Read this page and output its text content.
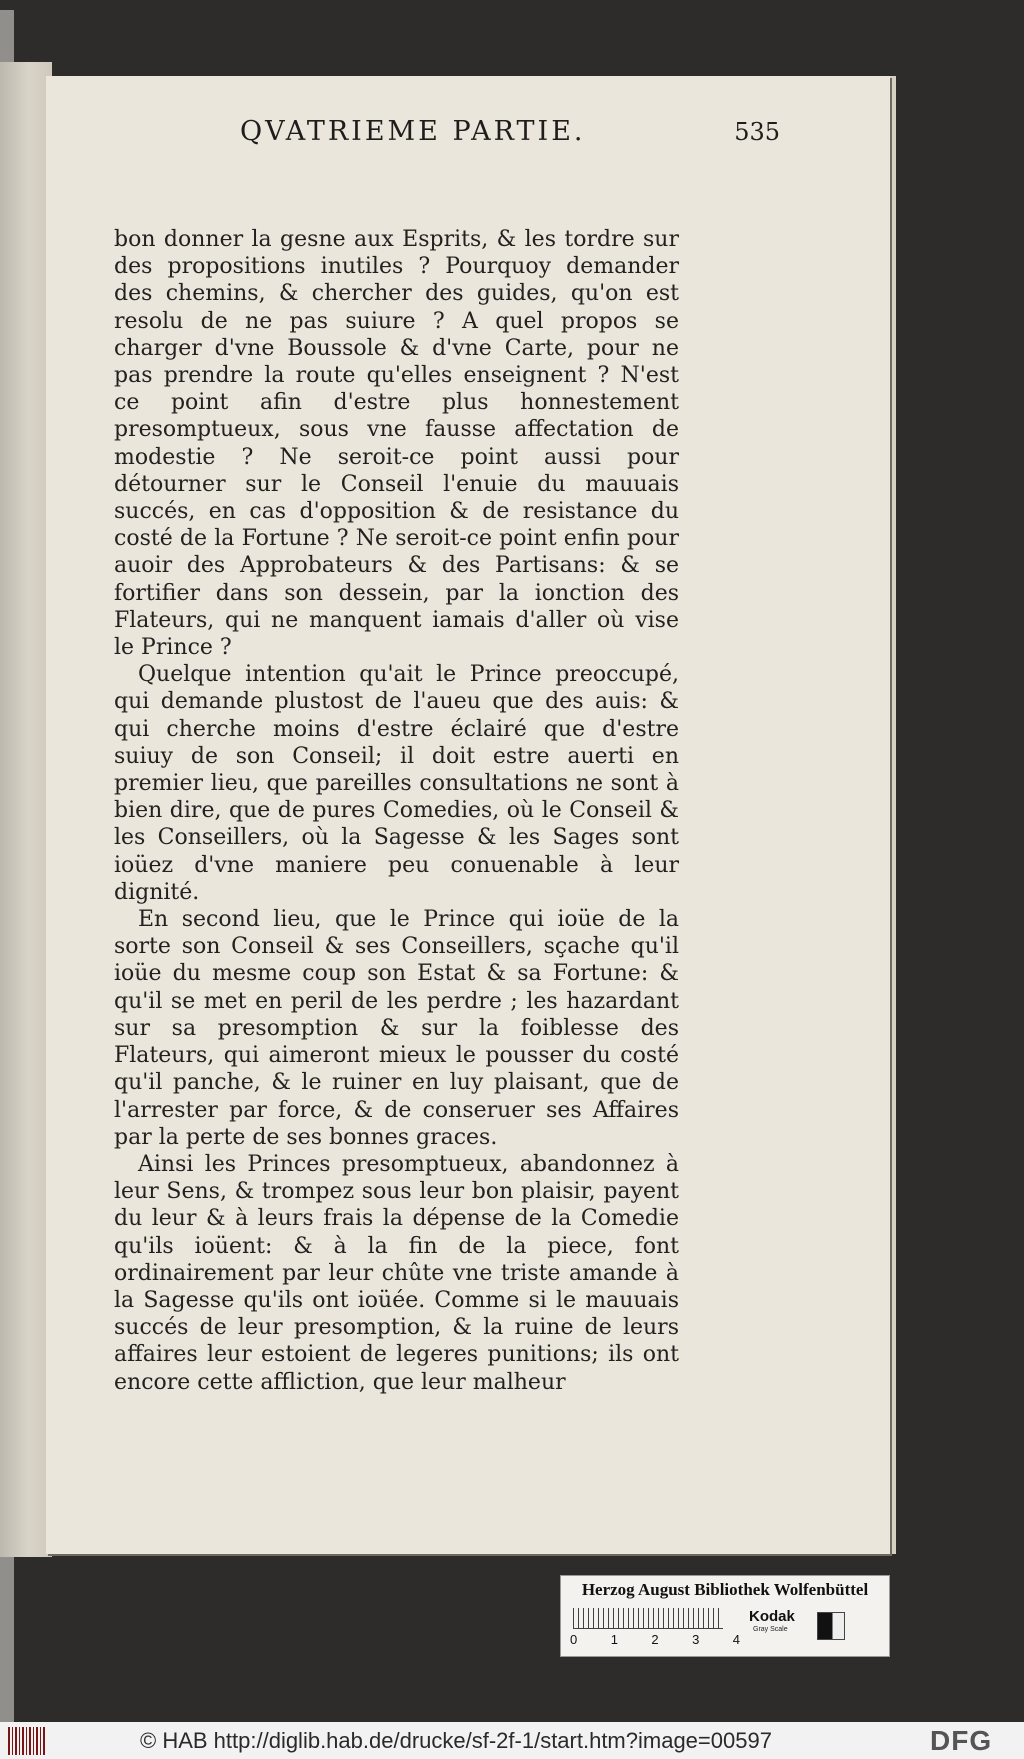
QVATRIEME PARTIE.	535

bon donner la gesne aux Esprits, & les tordre sur des propositions inutiles ? Pourquoy demander des chemins, & chercher des guides, qu'on est resolu de ne pas suiure ? A quel propos se charger d'vne Boussole & d'vne Carte, pour ne pas prendre la route qu'elles enseignent ? N'est ce point afin d'estre plus honnestement presomptueux, sous vne fausse affectation de modestie ? Ne seroit-ce point aussi pour détourner sur le Conseil l'enuie du mauuais succés, en cas d'opposition & de resistance du costé de la Fortune ? Ne seroit-ce point enfin pour auoir des Approbateurs & des Partisans: & se fortifier dans son dessein, par la ionction des Flateurs, qui ne manquent iamais d'aller où vise le Prince ?

Quelque intention qu'ait le Prince preoccupé, qui demande plustost de l'aueu que des auis: & qui cherche moins d'estre éclairé que d'estre suiuy de son Conseil; il doit estre auerti en premier lieu, que pareilles consultations ne sont à bien dire, que de pures Comedies, où le Conseil & les Conseillers, où la Sagesse & les Sages sont ioüez d'vne maniere peu conuenable à leur dignité.

En second lieu, que le Prince qui ioüe de la sorte son Conseil & ses Conseillers, sçache qu'il ioüe du mesme coup son Estat & sa Fortune: & qu'il se met en peril de les perdre ; les hazardant sur sa presomption & sur la foiblesse des Flateurs, qui aimeront mieux le pousser du costé qu'il panche, & le ruiner en luy plaisant, que de l'arrester par force, & de conseruer ses Affaires par la perte de ses bonnes graces.

Ainsi les Princes presomptueux, abandonnez à leur Sens, & trompez sous leur bon plaisir, payent du leur & à leurs frais la dépense de la Comedie qu'ils ioüent: & à la fin de la piece, font ordinairement par leur chûte vne triste amande à la Sagesse qu'ils ont ioüée. Comme si le mauuais succés de leur presomption, & la ruine de leurs affaires leur estoient de legeres punitions; ils ont encore cette affliction, que leur malheur

Herzog August Bibliothek Wolfenbüttel
0	1	2	3	4
Kodak
Gray Scale
© HAB http://diglib.hab.de/drucke/sf-2f-1/start.htm?image=00597	DFG
